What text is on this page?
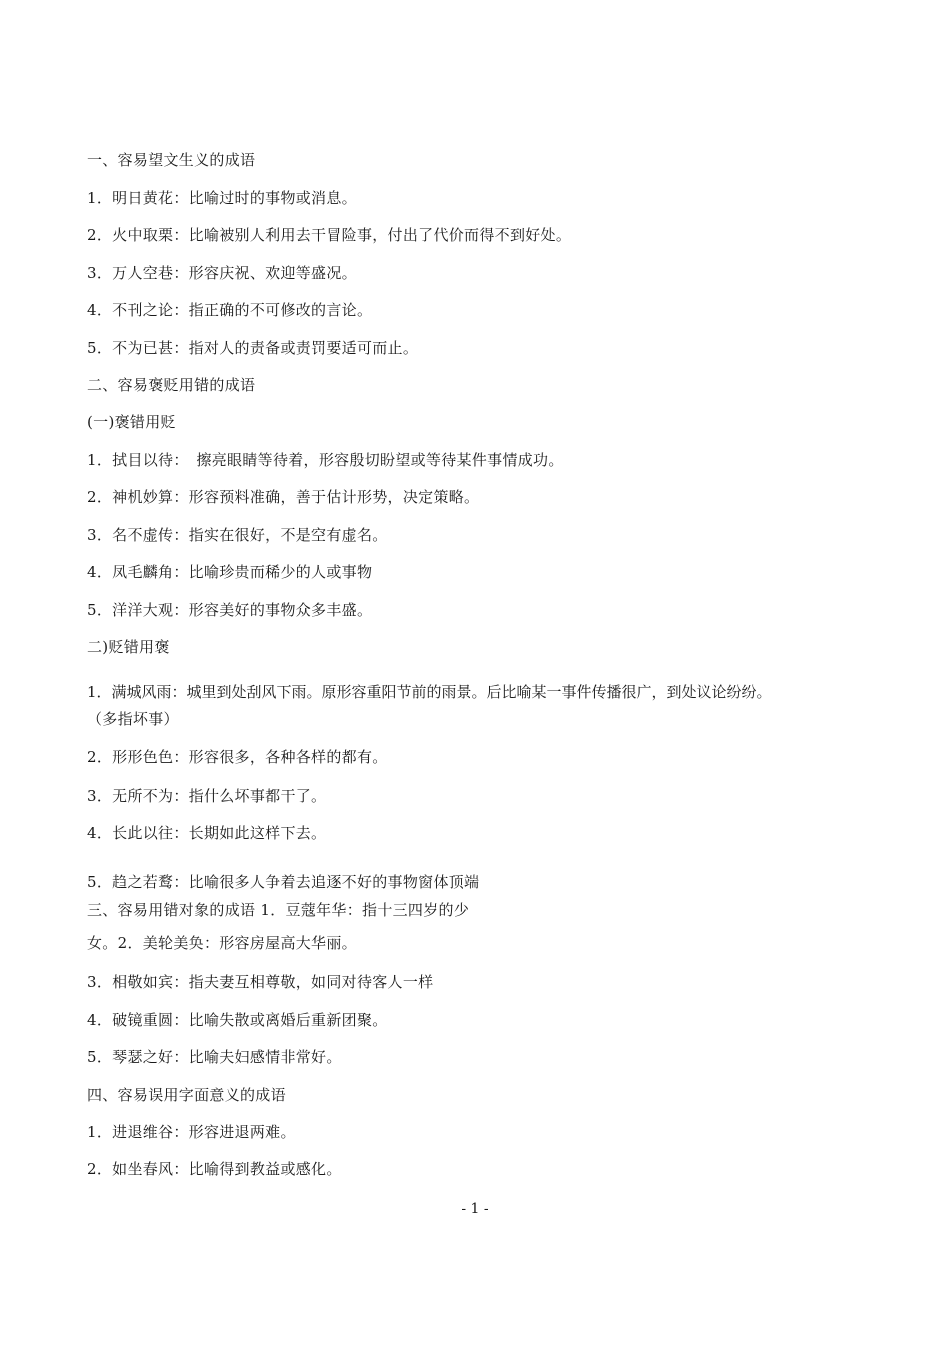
一、容易望文生义的成语
1．明日黄花：比喻过时的事物或消息。
2．火中取栗：比喻被别人利用去干冒险事，付出了代价而得不到好处。
3．万人空巷：形容庆祝、欢迎等盛况。
4．不刊之论：指正确的不可修改的言论。
5．不为已甚：指对人的责备或责罚要适可而止。
二、容易褒贬用错的成语
(一)褒错用贬
1．拭目以待：　擦亮眼睛等待着，形容殷切盼望或等待某件事情成功。
2．神机妙算：形容预料准确，善于估计形势，决定策略。
3．名不虚传：指实在很好，不是空有虚名。
4．凤毛麟角：比喻珍贵而稀少的人或事物
5．洋洋大观：形容美好的事物众多丰盛。
二)贬错用褒
1．满城风雨：城里到处刮风下雨。原形容重阳节前的雨景。后比喻某一事件传播很广，到处议论纷纷。
（多指坏事）
2．形形色色：形容很多，各种各样的都有。
3．无所不为：指什么坏事都干了。
4．长此以往：长期如此这样下去。
5．趋之若鹜：比喻很多人争着去追逐不好的事物窗体顶端
三、容易用错对象的成语 1．豆蔻年华：指十三四岁的少
女。2．美轮美奂：形容房屋高大华丽。
3．相敬如宾：指夫妻互相尊敬，如同对待客人一样
4．破镜重圆：比喻失散或离婚后重新团聚。
5．琴瑟之好：比喻夫妇感情非常好。
四、容易误用字面意义的成语
1．进退维谷：形容进退两难。
2．如坐春风：比喻得到教益或感化。
- 1 -
